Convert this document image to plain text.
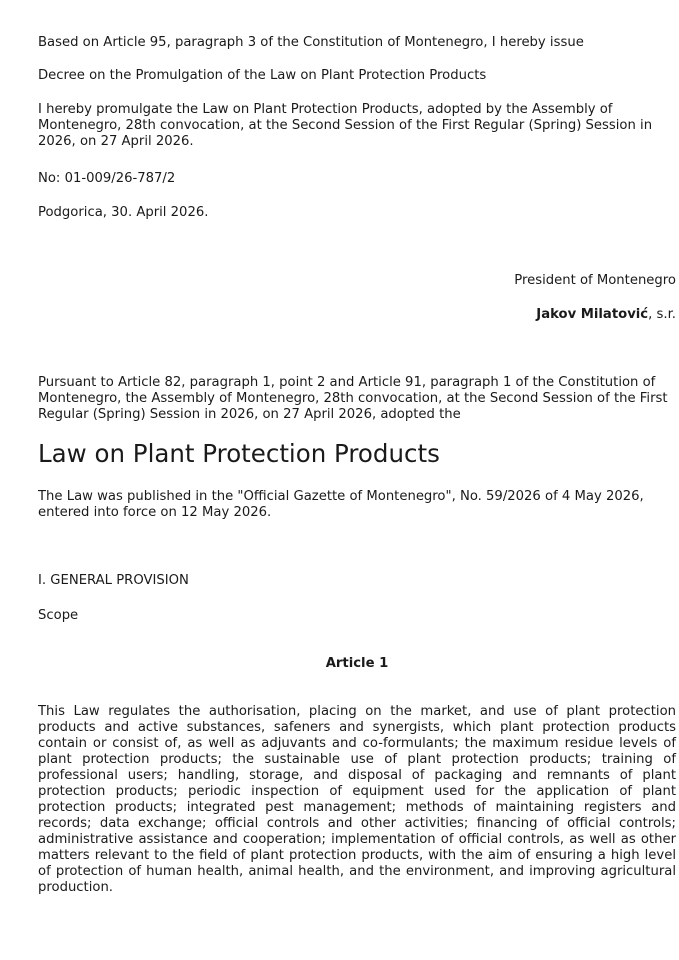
Based on Article 95, paragraph 3 of the Constitution of Montenegro, I hereby issue

Decree on the Promulgation of the Law on Plant Protection Products

I hereby promulgate the Law on Plant Protection Products, adopted by the Assembly of Montenegro, 28th convocation, at the Second Session of the First Regular (Spring) Session in 2026, on 27 April 2026.

No: 01-009/26-787/2

Podgorica, 30. April 2026.

President of Montenegro

Jakov Milatović, s.r.

Pursuant to Article 82, paragraph 1, point 2 and Article 91, paragraph 1 of the Constitution of Montenegro, the Assembly of Montenegro, 28th convocation, at the Second Session of the First Regular (Spring) Session in 2026, on 27 April 2026, adopted the

Law on Plant Protection Products

The Law was published in the "Official Gazette of Montenegro", No. 59/2026 of 4 May 2026, entered into force on 12 May 2026.

I. GENERAL PROVISION

Scope

Article 1

This Law regulates the authorisation, placing on the market, and use of plant protection products and active substances, safeners and synergists, which plant protection products contain or consist of, as well as adjuvants and co-formulants; the maximum residue levels of plant protection products; the sustainable use of plant protection products; training of professional users; handling, storage, and disposal of packaging and remnants of plant protection products; periodic inspection of equipment used for the application of plant protection products; integrated pest management; methods of maintaining registers and records; data exchange; official controls and other activities; financing of official controls; administrative assistance and cooperation; implementation of official controls, as well as other matters relevant to the field of plant protection products, with the aim of ensuring a high level of protection of human health, animal health, and the environment, and improving agricultural production.
